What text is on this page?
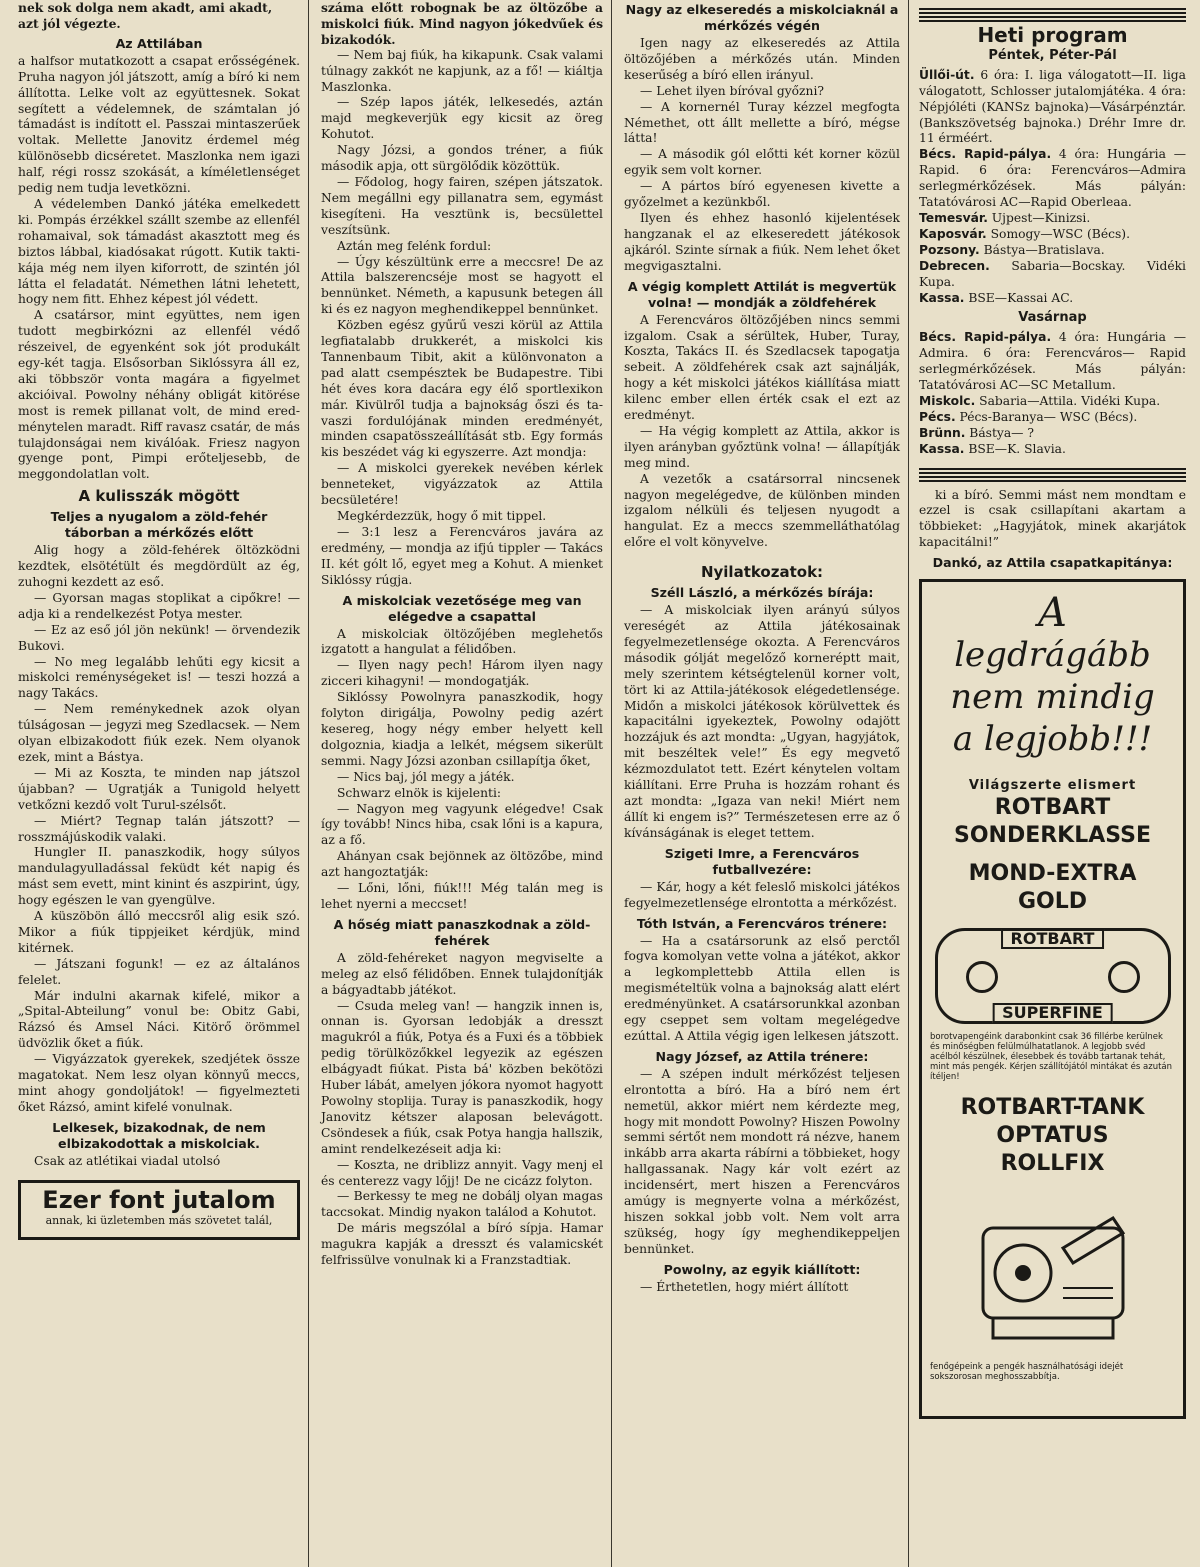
nek sok dolga nem akadt, ami akadt,

azt jól végezte.

Az Attilában

a halfsor mutatkozott a csapat erősségének. Pruha nagyon jól játszott, amíg a bíró ki nem állította. Lelke volt az együttesnek. Sokat segített a védelemnek, de számtalan jó támadást is indított el. Passzai mintaszerűek voltak. Mellette Janovitz érdemel még különösebb dicséretet. Maszlonka nem igazi half, régi rossz szokását, a kíméletlenséget pedig nem tudja levetközni.

A védelemben Dankó játéka emelkedett ki. Pompás érzékkel szállt szembe az ellenfél rohamaival, sok támadást akasztott meg és biztos lábbal, kiadósakat rúgott. Kutik taktikája még nem ilyen kiforrott, de szintén jól látta el feladatát. Némethen látni lehetett, hogy nem fitt. Ehhez képest jól védett.

A csatársor, mint együttes, nem igen tudott megbirkózni az ellenfél védő részeivel, de egyenként sok jót produkált egy-két tagja. Elsősorban Siklóssyra áll ez, aki többször vonta magára a figyelmet akcióival. Powolny néhány obligát kitörése most is remek pillanat volt, de mind eredménytelen maradt. Riff ravasz csatár, de más tulajdonságai nem kiválóak. Friesz nagyon gyenge pont, Pimpi erőteljesebb, de meggondolatlan volt.

A kulisszák mögött
Teljes a nyugalom a zöld-fehér táborban a mérkőzés előtt

Alig hogy a zöld-fehérek öltözködni kezdtek, elsötétült és megdördült az ég, zuhogni kezdett az eső.

— Gyorsan magas stoplikat a cipőkre! — adja ki a rendelkezést Potya mester.

— Ez az eső jól jön nekünk! — örvendezik Bukovi.

— No meg legalább lehűti egy kicsit a miskolci reménységeket is! — teszi hozzá a nagy Takács.

— Nem reménykednek azok olyan túlságosan — jegyzi meg Szedlacsek. — Nem olyan elbizakodott fiúk ezek. Nem olyanok ezek, mint a Bástya.

— Mi az Koszta, te minden nap játszol újabban? — Ugratják a Tunigold helyett vetkőzni kezdő volt Turul-szélsőt.

— Miért? Tegnap talán játszott? — rosszmájúskodik valaki.

Hungler II. panaszkodik, hogy súlyos mandulagyulladással feküdt két napig és mást sem evett, mint kinint és aszpirint, úgy, hogy egészen le van gyengülve.

A küszöbön álló meccsről alig esik szó. Mikor a fiúk tippjeiket kérdjük, mind kitérnek.

— Játszani fogunk! — ez az általános felelet.

Már indulni akarnak kifelé, mikor a „Spital-Abteilung” vonul be: Obitz Gabi, Rázsó és Amsel Náci. Kitörő örömmel üdvözlik őket a fiúk.

— Vigyázzatok gyerekek, szedjétek össze magatokat. Nem lesz olyan könnyű meccs, mint ahogy gondoljátok! — figyelmezteti őket Rázsó, amint kifelé vonulnak.

Lelkesek, bizakodnak, de nem elbizakodottak a miskolciak.

Csak az atlétikai viadal utolsó

Ezer font jutalom
annak, ki üzletemben más szövetet talál,

száma előtt robognak be az öltözőbe a miskolci fiúk. Mind nagyon jókedvűek és bizakodók.

— Nem baj fiúk, ha kikapunk. Csak valami túlnagy zakkót ne kapjunk, az a fő! — kiáltja Maszlonka.

— Szép lapos játék, lelkesedés, aztán majd megkeverjük egy kicsit az öreg Kohutot.

Nagy Józsi, a gondos tréner, a fiúk második apja, ott sürgölődik közöttük.

— Fődolog, hogy fairen, szépen játszatok. Nem megállni egy pillanatra sem, egymást kisegíteni. Ha vesztünk is, becsülettel veszítsünk.

Aztán meg felénk fordul:

— Úgy készültünk erre a meccsre! De az Attila balszerencséje most se hagyott el bennünket. Németh, a kapusunk betegen áll ki és ez nagyon meghendikeppel bennünket.

Közben egész gyűrű veszi körül az Attila legfiatalabb drukkerét, a miskolci kis Tannenbaum Tibit, akit a különvonaton a pad alatt csempésztek be Budapestre. Tibi hét éves kora dacára egy élő sportlexikon már. Kivülről tudja a bajnokság őszi és tavaszi fordulójának minden eredményét, minden csapatösszeállítását stb. Egy formás kis beszédet vág ki egyszerre. Azt mondja:

— A miskolci gyerekek nevében kérlek benneteket, vigyázzatok az Attila becsületére!

Megkérdezzük, hogy ő mit tippel.

— 3:1 lesz a Ferencváros javára az eredmény, — mondja az ifjú tippler — Takács II. két gólt lő, egyet meg a Kohut. A mienket Siklóssy rúgja.

A miskolciak vezetősége meg van elégedve a csapattal

A miskolciak öltözőjében meglehetős izgatott a hangulat a félidőben.

— Ilyen nagy pech! Három ilyen nagy zicceri kihagyni! — mondogatják.

Siklóssy Powolnyra panaszkodik, hogy folyton dirigálja, Powolny pedig azért kesereg, hogy négy ember helyett kell dolgoznia, kiadja a lelkét, mégsem sikerült semmi. Nagy Józsi azonban csillapítja őket,

— Nics baj, jól megy a játék.

Schwarz elnök is kijelenti:

— Nagyon meg vagyunk elégedve! Csak így tovább! Nincs hiba, csak lőni is a kapura, az a fő.

Ahányan csak bejönnek az öltözőbe, mind azt hangoztatják:

— Lőni, lőni, fiúk!!! Még talán meg is lehet nyerni a meccset!

A hőség miatt panaszkodnak a zöldfehérek

A zöld-fehéreket nagyon megviselte a meleg az első félidőben. Ennek tulajdonítják a bágyadtabb játékot.

— Csuda meleg van! — hangzik innen is, onnan is. Gyorsan ledobják a dresszt magukról a fiúk, Potya és a Fuxi és a többiek pedig törülközőkkel legyezik az egészen elbágyadt fiúkat. Pista bá' közben bekötözi Huber lábát, amelyen jókora nyomot hagyott Powolny stoplija. Turay is panaszkodik, hogy Janovitz kétszer alaposan belevágott. Csöndesek a fiúk, csak Potya hangja hallszik, amint rendelkezéseit adja ki:

— Koszta, ne driblizz annyit. Vagy menj el és centerezz vagy lőjj! De ne cicázz folyton.

— Berkessy te meg ne dobálj olyan magas taccsokat. Mindig nyakon találod a Kohutot.

De máris megszólal a bíró sípja. Hamar magukra kapják a dresszt és valamicskét felfrissülve vonulnak ki a Franzstadtiak.

Nagy az elkeseredés a miskolciaknál a mérkőzés végén

Igen nagy az elkeseredés az Attila öltözőjében a mérkőzés után. Minden keserűség a bíró ellen irányul.

— Lehet ilyen bíróval győzni?

— A kornernél Turay kézzel megfogta Némethet, ott állt mellette a bíró, mégse látta!

— A második gól előtti két korner közül egyik sem volt korner.

— A pártos bíró egyenesen kivette a győzelmet a kezünkből.

Ilyen és ehhez hasonló kijelentések hangzanak el az elkeseredett játékosok ajkáról. Szinte sírnak a fiúk. Nem lehet őket megvigasztalni.

A végig komplett Attilát is megvertük volna! — mondják a zöldfehérek

A Ferencváros öltözőjében nincs semmi izgalom. Csak a sérültek, Huber, Turay, Koszta, Takács II. és Szedlacsek tapogatja sebeit. A zöldfehérek csak azt sajnálják, hogy a két miskolci játékos kiállítása miatt kilenc ember ellen érték csak el ezt az eredményt.

— Ha végig komplett az Attila, akkor is ilyen arányban győztünk volna! — állapítják meg mind.

A vezetők a csatársorral nincsenek nagyon megelégedve, de különben minden izgalom nélküli és teljesen nyugodt a hangulat. Ez a meccs szemmelláthatólag előre el volt könyvelve.

Nyilatkozatok:
Széll László, a mérkőzés bírája:

— A miskolciak ilyen arányú súlyos vereségét az Attila játékosainak fegyelmezetlensége okozta. A Ferencváros második gólját megelőző korneréptt mait, mely szerintem kétségtelenül korner volt, tört ki az Attila-játékosok elégedetlensége. Midőn a miskolci játékosok körülvettek és kapacitálni igyekeztek, Powolny odajött hozzájuk és azt mondta: „Ugyan, hagyjátok, mit beszéltek vele!” És egy megvető kézmozdulatot tett. Ezért kénytelen voltam kiállítani. Erre Pruha is hozzám rohant és azt mondta: „Igaza van neki! Miért nem állít ki engem is?” Természetesen erre az ő kívánságának is eleget tettem.

Szigeti Imre, a Ferencváros futballvezére:

— Kár, hogy a két feleslő miskolci játékos fegyelmezetlensége elrontotta a mérkőzést.

Tóth István, a Ferencváros trénere:

— Ha a csatársorunk az első perctől fogva komolyan vette volna a játékot, akkor a legkomplettebb Attila ellen is megismételtük volna a bajnokság alatt elért eredményünket. A csatársorunkkal azonban egy cseppet sem voltam megelégedve ezúttal. A Attila végig igen lelkesen játszott.

Nagy József, az Attila trénere:

— A szépen indult mérkőzést teljesen elrontotta a bíró. Ha a bíró nem ért nemetül, akkor miért nem kérdezte meg, hogy mit mondott Powolny? Hiszen Powolny semmi sértőt nem mondott rá nézve, hanem inkább arra akarta rábírni a többieket, hogy hallgassanak. Nagy kár volt ezért az incidensért, mert hiszen a Ferencváros amúgy is megnyerte volna a mérkőzést, hiszen sokkal jobb volt. Nem volt arra szükség, hogy így meghendikeppeljen bennünket.

Powolny, az egyik kiállított:

— Érthetetlen, hogy miért állított

Heti program
Péntek, Péter-Pál

Üllői-út. 6 óra: I. liga válogatott—II. liga válogatott, Schlosser jutalomjátéka. 4 óra: Népjóléti (KANSz bajnoka)—Vásárpénztár. (Bankszövetség bajnoka.) Dréhr Imre dr. 11 érméért.

Bécs. Rapid-pálya. 4 óra: Hungária —Rapid. 6 óra: Ferencváros—Admira serlegmérkőzések. Más pályán: Tatatóvárosi AC—Rapid Oberleaa.

Temesvár. Ujpest—Kinizsi.

Kaposvár. Somogy—WSC (Bécs).

Pozsony. Bástya—Bratislava.

Debrecen. Sabaria—Bocskay. Vidéki Kupa.

Kassa. BSE—Kassai AC.

Vasárnap

Bécs. Rapid-pálya. 4 óra: Hungária —Admira. 6 óra: Ferencváros— Rapid serlegmérkőzések. Más pályán: Tatatóvárosi AC—SC Metallum.

Miskolc. Sabaria—Attila. Vidéki Kupa.

Pécs. Pécs-Baranya— WSC (Bécs).

Brünn. Bástya— ?

Kassa. BSE—K. Slavia.

ki a bíró. Semmi mást nem mondtam e ezzel is csak csillapítani akartam a többieket: „Hagyjátok, minek akarjátok kapacitálni!”

Dankó, az Attila csapatkapitánya:
A
legdrágább
nem mindig
a legjobb!!!
Világszerte elismert
ROTBART
SONDERKLASSE
MOND-EXTRA
GOLD
ROTBART
SUPERFINE
borotvapengéink darabonkint csak 36 fillérbe kerülnek és minőségben felülmúlhatatlanok. A legjobb svéd acélból készülnek, élesebbek és tovább tartanak tehát, mint más pengék. Kérjen szállítójától mintákat és azután ítéljen!
ROTBART-TANK
OPTATUS
ROLLFIX
fenőgépeink a pengék használhatósági idejét sokszorosan meghosszabbítja.
